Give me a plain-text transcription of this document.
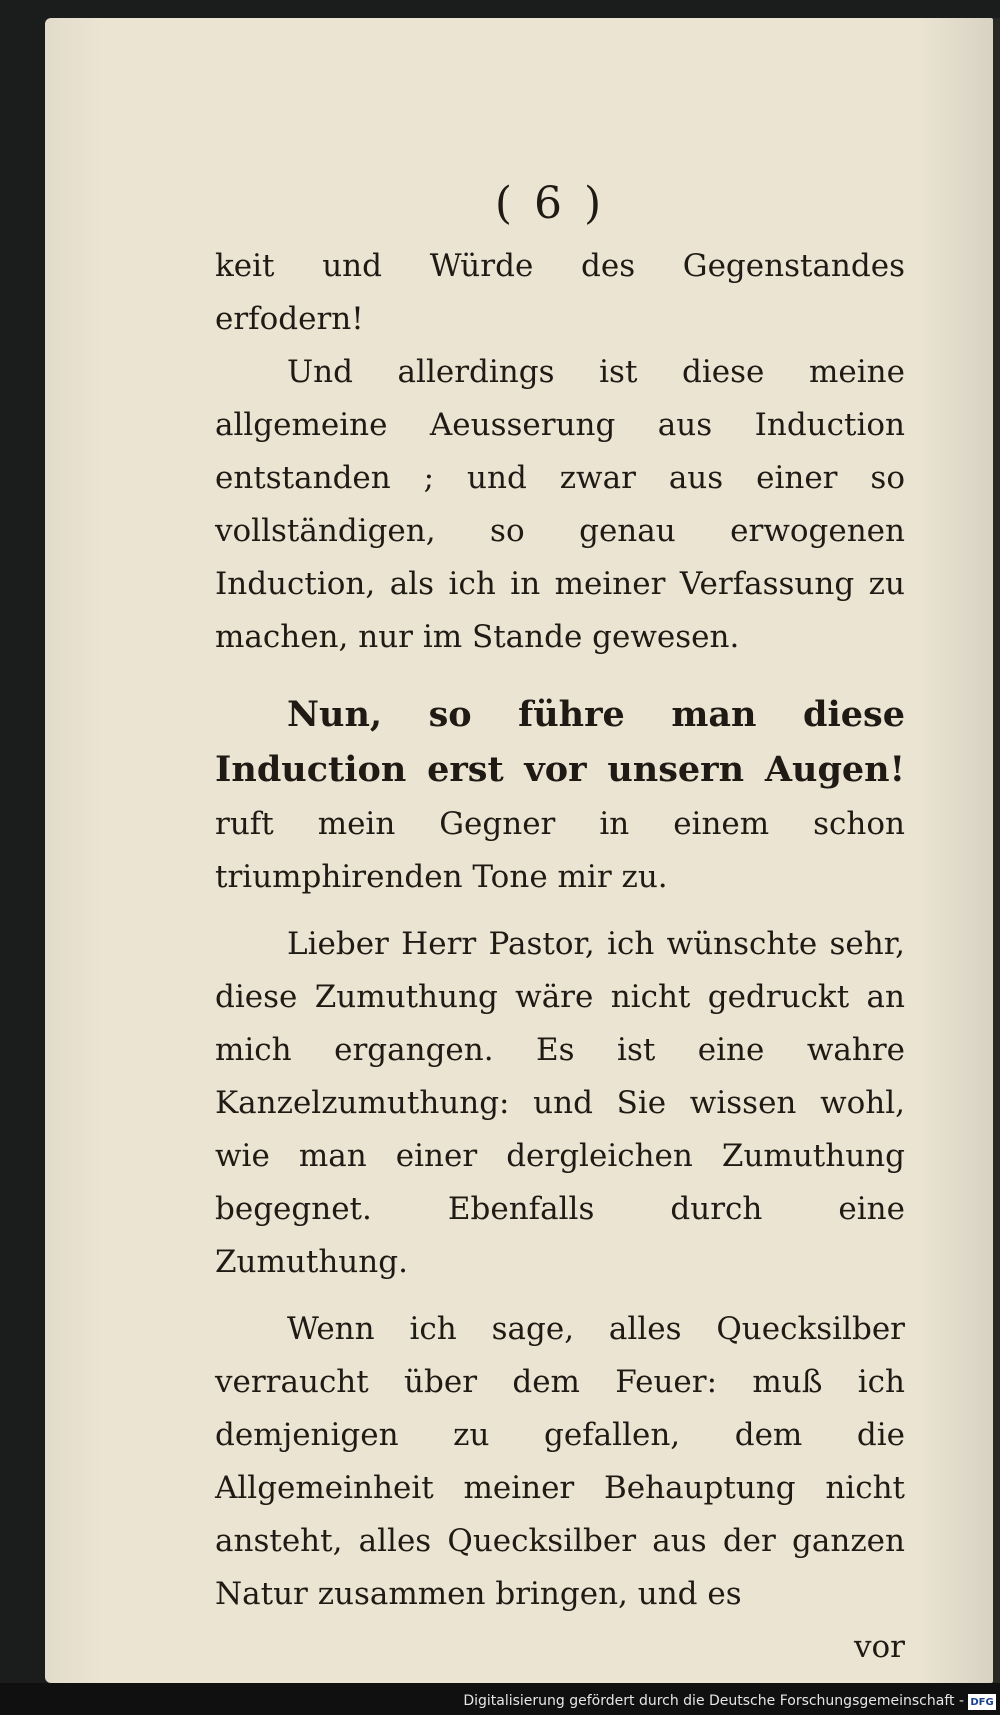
( 6 )

keit und Würde des Gegenstandes erfodern!

Und allerdings ist diese meine allgemeine Aeusserung aus Induction entstanden ; und zwar aus einer so vollständigen, so genau erwogenen Induction, als ich in meiner Verfassung zu machen, nur im Stande gewesen.

Nun, so führe man diese Induction erst vor unsern Augen! ruft mein Gegner in einem schon triumphirenden Tone mir zu.

Lieber Herr Pastor, ich wünschte sehr, diese Zumuthung wäre nicht gedruckt an mich ergangen. Es ist eine wahre Kanzelzumuthung: und Sie wissen wohl, wie man einer dergleichen Zumuthung begegnet. Ebenfalls durch eine Zumuthung.

Wenn ich sage, alles Quecksilber verraucht über dem Feuer: muß ich demjenigen zu gefallen, dem die Allgemeinheit meiner Behauptung nicht ansteht, alles Quecksilber aus der ganzen Natur zusammen bringen, und es

vor

Digitalisierung gefördert durch die Deutsche Forschungsgemeinschaft - DFG
